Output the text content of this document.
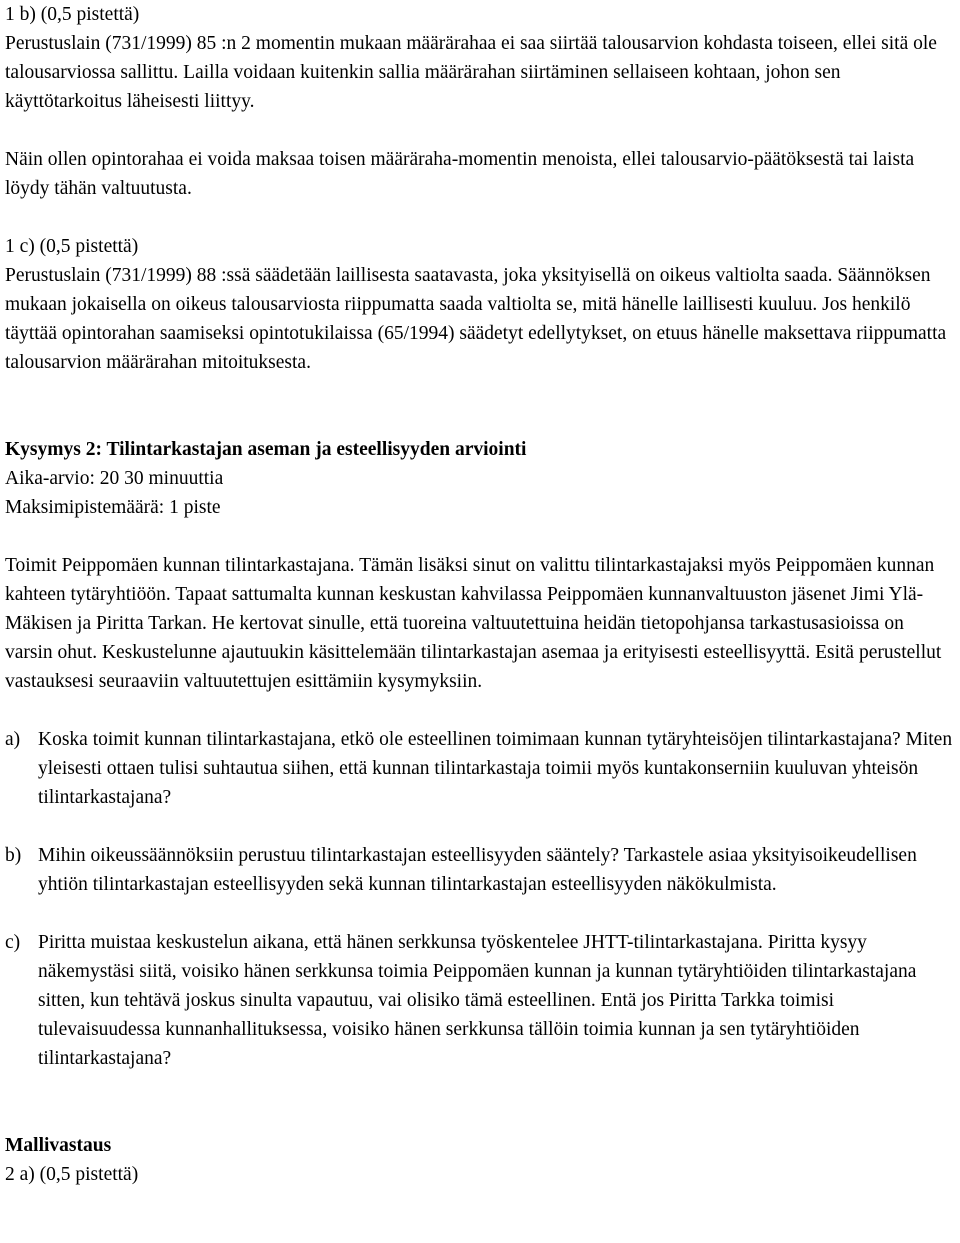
1 b) (0,5 pistettä)

Perustuslain (731/1999) 85 :n 2 momentin mukaan määrärahaa ei saa siirtää talousarvion kohdasta toiseen, ellei sitä ole talousarviossa sallittu. Lailla voidaan kuitenkin sallia määrärahan siirtäminen sellaiseen kohtaan, johon sen käyttötarkoitus läheisesti liittyy.

Näin ollen opintorahaa ei voida maksaa toisen määräraha-momentin menoista, ellei talousarvio-päätöksestä tai laista löydy tähän valtuutusta.

1 c) (0,5 pistettä)

Perustuslain (731/1999) 88 :ssä säädetään laillisesta saatavasta, joka yksityisellä on oikeus valtiolta saada. Säännöksen mukaan jokaisella on oikeus talousarviosta riippumatta saada valtiolta se, mitä hänelle laillisesti kuuluu. Jos henkilö täyttää opintorahan saamiseksi opintotukilaissa (65/1994) säädetyt edellytykset, on etuus hänelle maksettava riippumatta talousarvion määrärahan mitoituksesta.

Kysymys 2: Tilintarkastajan aseman ja esteellisyyden arviointi

Aika-arvio: 20 30 minuuttia

Maksimipistemäärä: 1 piste

Toimit Peippomäen kunnan tilintarkastajana. Tämän lisäksi sinut on valittu tilintarkastajaksi myös Peippomäen kunnan kahteen tytäryhtiöön. Tapaat sattumalta kunnan keskustan kahvilassa Peippomäen kunnanvaltuuston jäsenet Jimi Ylä-Mäkisen ja Piritta Tarkan. He kertovat sinulle, että tuoreina valtuutettuina heidän tietopohjansa tarkastusasioissa on varsin ohut. Keskustelunne ajautuukin käsittelemään tilintarkastajan asemaa ja erityisesti esteellisyyttä. Esitä perustellut vastauksesi seuraaviin valtuutettujen esittämiin kysymyksiin.

a) Koska toimit kunnan tilintarkastajana, etkö ole esteellinen toimimaan kunnan tytäryhteisöjen tilintarkastajana? Miten yleisesti ottaen tulisi suhtautua siihen, että kunnan tilintarkastaja toimii myös kuntakonserniin kuuluvan yhteisön tilintarkastajana?
b) Mihin oikeussäännöksiin perustuu tilintarkastajan esteellisyyden sääntely? Tarkastele asiaa yksityisoikeudellisen yhtiön tilintarkastajan esteellisyyden sekä kunnan tilintarkastajan esteellisyyden näkökulmista.
c) Piritta muistaa keskustelun aikana, että hänen serkkunsa työskentelee JHTT-tilintarkastajana. Piritta kysyy näkemystäsi siitä, voisiko hänen serkkunsa toimia Peippomäen kunnan ja kunnan tytäryhtiöiden tilintarkastajana sitten, kun tehtävä joskus sinulta vapautuu, vai olisiko tämä esteellinen. Entä jos Piritta Tarkka toimisi tulevaisuudessa kunnanhallituksessa, voisiko hänen serkkunsa tällöin toimia kunnan ja sen tytäryhtiöiden tilintarkastajana?

Mallivastaus

2 a) (0,5 pistettä)
